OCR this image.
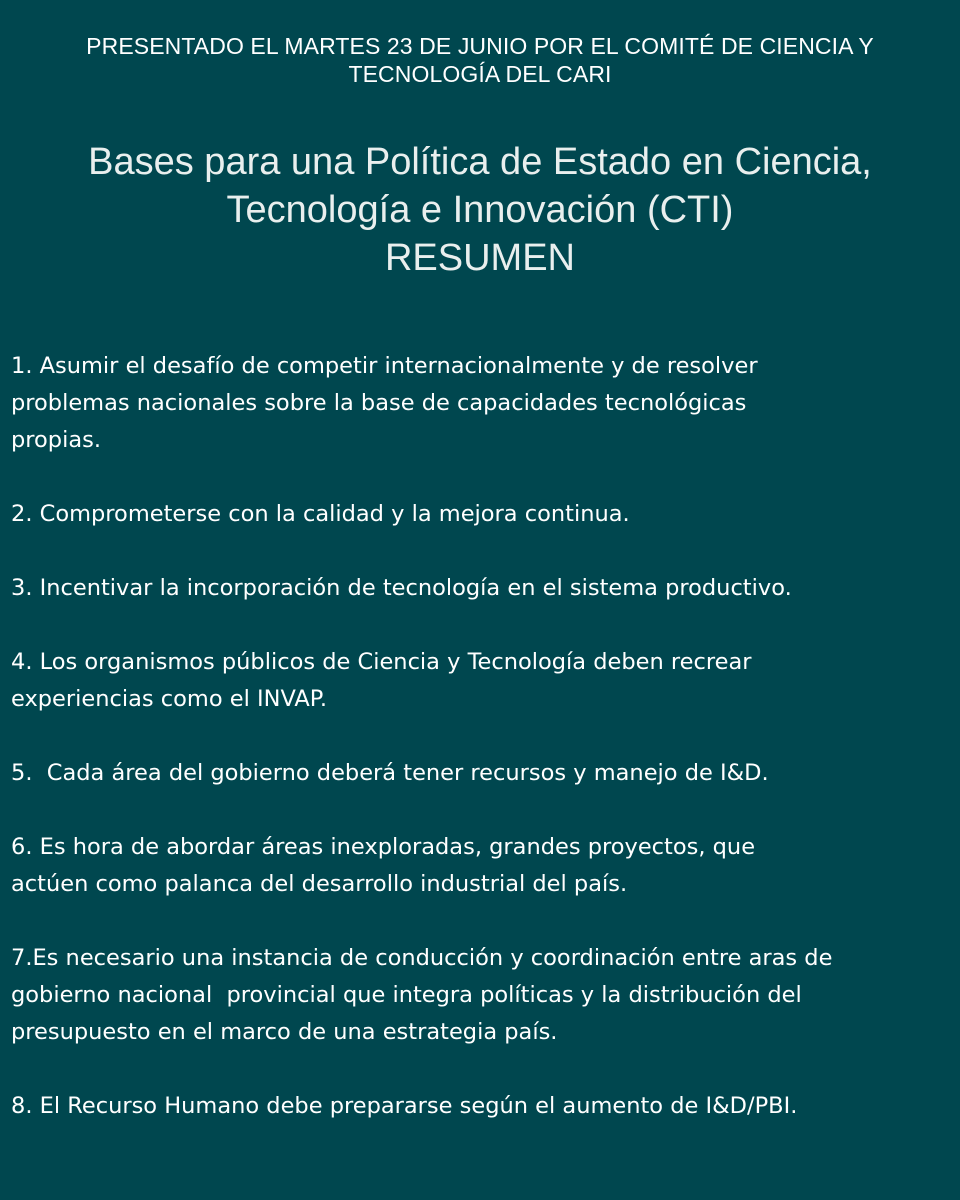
PRESENTADO EL MARTES 23 DE JUNIO POR EL COMITÉ DE CIENCIA Y
TECNOLOGÍA DEL CARI
Bases para una Política de Estado en Ciencia,
Tecnología e Innovación (CTI)
RESUMEN
1. Asumir el desafío de competir internacionalmente y de resolver
problemas nacionales sobre la base de capacidades tecnológicas
propias.
2. Comprometerse con la calidad y la mejora continua.
3. Incentivar la incorporación de tecnología en el sistema productivo.
4. Los organismos públicos de Ciencia y Tecnología deben recrear
experiencias como el INVAP.
5.  Cada área del gobierno deberá tener recursos y manejo de I&D.
6. Es hora de abordar áreas inexploradas, grandes proyectos, que
actúen como palanca del desarrollo industrial del país.
7.Es necesario una instancia de conducción y coordinación entre aras de
gobierno nacional  provincial que integra políticas y la distribución del
presupuesto en el marco de una estrategia país.
8. El Recurso Humano debe prepararse según el aumento de I&D/PBI.
